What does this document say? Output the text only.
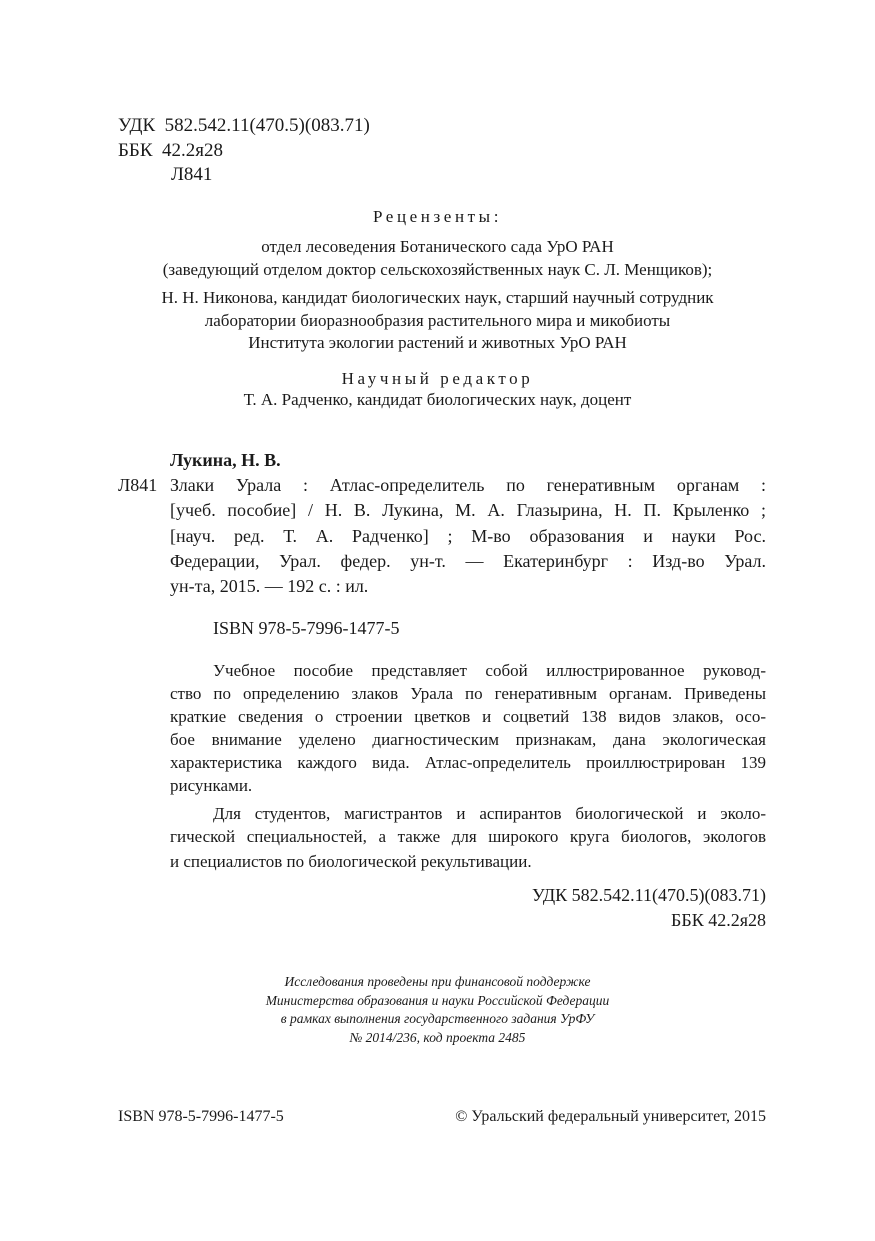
УДК  582.542.11(470.5)(083.71)
ББК  42.2я28
Л841
Рецензенты:
отдел лесоведения Ботанического сада УрО РАН
(заведующий отделом доктор сельскохозяйственных наук С. Л. Менщиков);
Н. Н. Никонова, кандидат биологических наук, старший научный сотрудник
лаборатории биоразнообразия растительного мира и микобиоты
Института экологии растений и животных УрО РАН
Научный редактор
Т. А. Радченко, кандидат биологических наук, доцент
Лукина, Н. В.
Л841 Злаки Урала : Атлас-определитель по генеративным органам :
[учеб. пособие] / Н. В. Лукина, М. А. Глазырина, Н. П. Крыленко ;
[науч. ред. Т. А. Радченко] ; М-во образования и науки Рос.
Федерации, Урал. федер. ун-т. — Екатеринбург : Изд-во Урал.
ун-та, 2015. — 192 с. : ил.
ISBN 978-5-7996-1477-5
Учебное пособие представляет собой иллюстрированное руковод-
ство по определению злаков Урала по генеративным органам. Приведены
краткие сведения о строении цветков и соцветий 138 видов злаков, осо-
бое внимание уделено диагностическим признакам, дана экологическая
характеристика каждого вида. Атлас-определитель проиллюстрирован 139
рисунками.
Для студентов, магистрантов и аспирантов биологической и эколо-
гической специальностей, а также для широкого круга биологов, экологов
и специалистов по биологической рекультивации.
УДК 582.542.11(470.5)(083.71)
ББК 42.2я28
Исследования проведены при финансовой поддержке
Министерства образования и науки Российской Федерации
в рамках выполнения государственного задания УрФУ
№ 2014/236, код проекта 2485
ISBN 978-5-7996-1477-5	© Уральский федеральный университет, 2015
